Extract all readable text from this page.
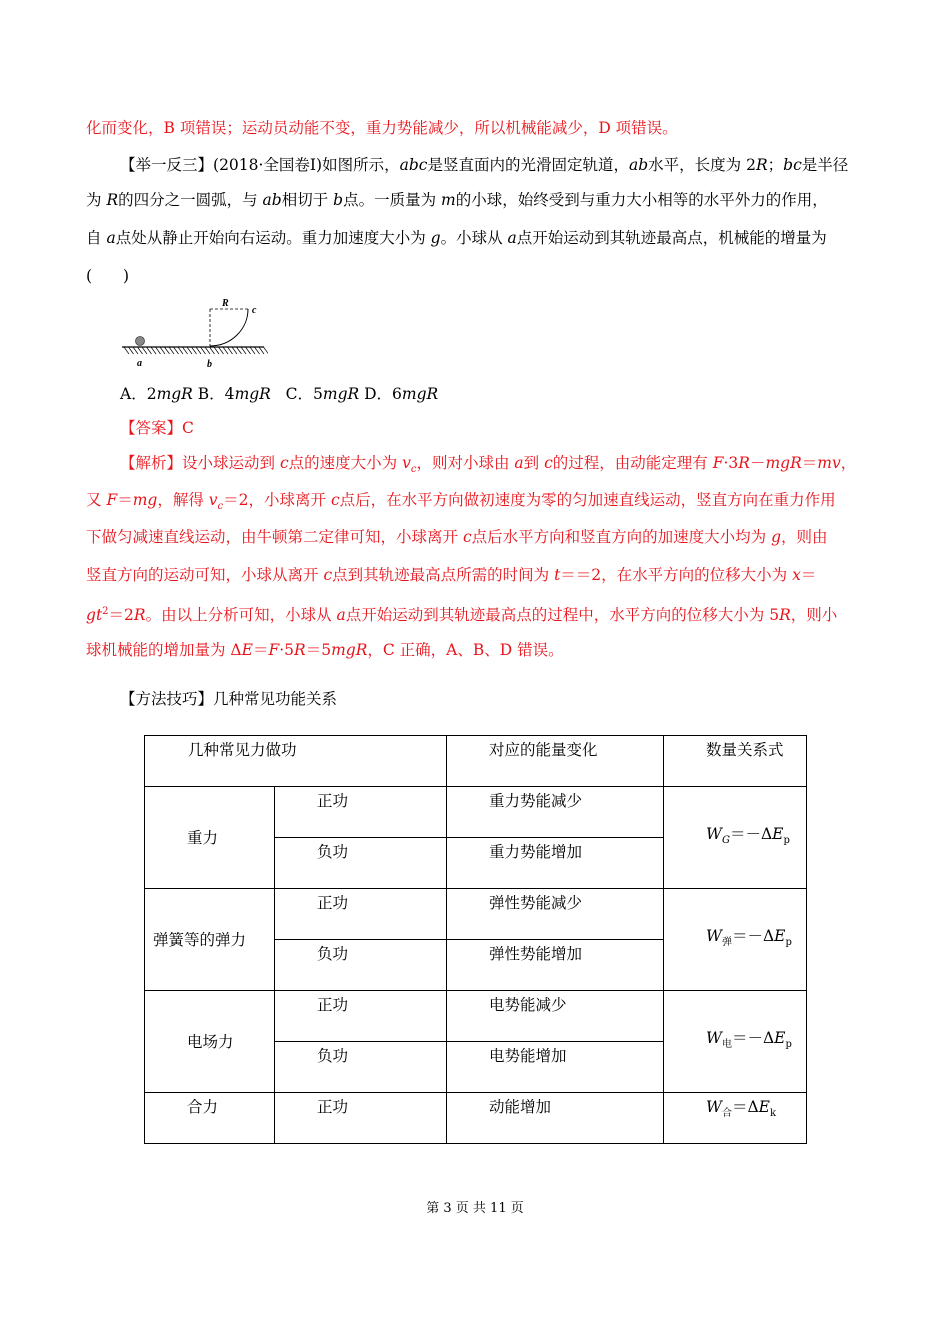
化而变化，B 项错误；运动员动能不变，重力势能减少，所以机械能减少，D 项错误。
【举一反三】(2018·全国卷Ⅰ)如图所示，abc是竖直面内的光滑固定轨道，ab水平，长度为 2R；bc是半径
为 R的四分之一圆弧，与 ab相切于 b点。一质量为 m的小球，始终受到与重力大小相等的水平外力的作用，
自 a点处从静止开始向右运动。重力加速度大小为 g。小球从 a点开始运动到其轨迹最高点，机械能的增量为
(　　)
R
c
a	b
A．2mgR B．4mgR C．5mgR D．6mgR
【答案】C
【解析】设小球运动到 c点的速度大小为 $v_c$，则对小球由 a到 c的过程，由动能定理有 F·3R－mgR＝mv，
又 F＝mg，解得 $v_c=2$，小球离开 c点后，在水平方向做初速度为零的匀加速直线运动，竖直方向在重力作用
下做匀减速直线运动，由牛顿第二定律可知，小球离开 c点后水平方向和竖直方向的加速度大小均为 g，则由
竖直方向的运动可知，小球从离开 c点到其轨迹最高点所需的时间为 t＝＝2，在水平方向的位移大小为 x＝
$gt^2=2R$。由以上分析可知，小球从 a点开始运动到其轨迹最高点的过程中，水平方向的位移大小为 5R，则小
球机械能的增加量为 ΔE＝F·5R＝5mgR，C 正确，A、B、D 错误。
【方法技巧】几种常见功能关系
几种常见力做功		对应的能量变化	数量关系式
重力	正功	重力势能减少	$W_G=-\Delta E_p$
	负功	重力势能增加	
弹簧等的弹力	正功	弹性势能减少	$W_弹=-\Delta E_p$
	负功	弹性势能增加	
电场力	正功	电势能减少	$W_电=-\Delta E_p$
	负功	电势能增加	
合力	正功	动能增加	$W_合=\Delta E_k$
第 3 页 共 11 页
